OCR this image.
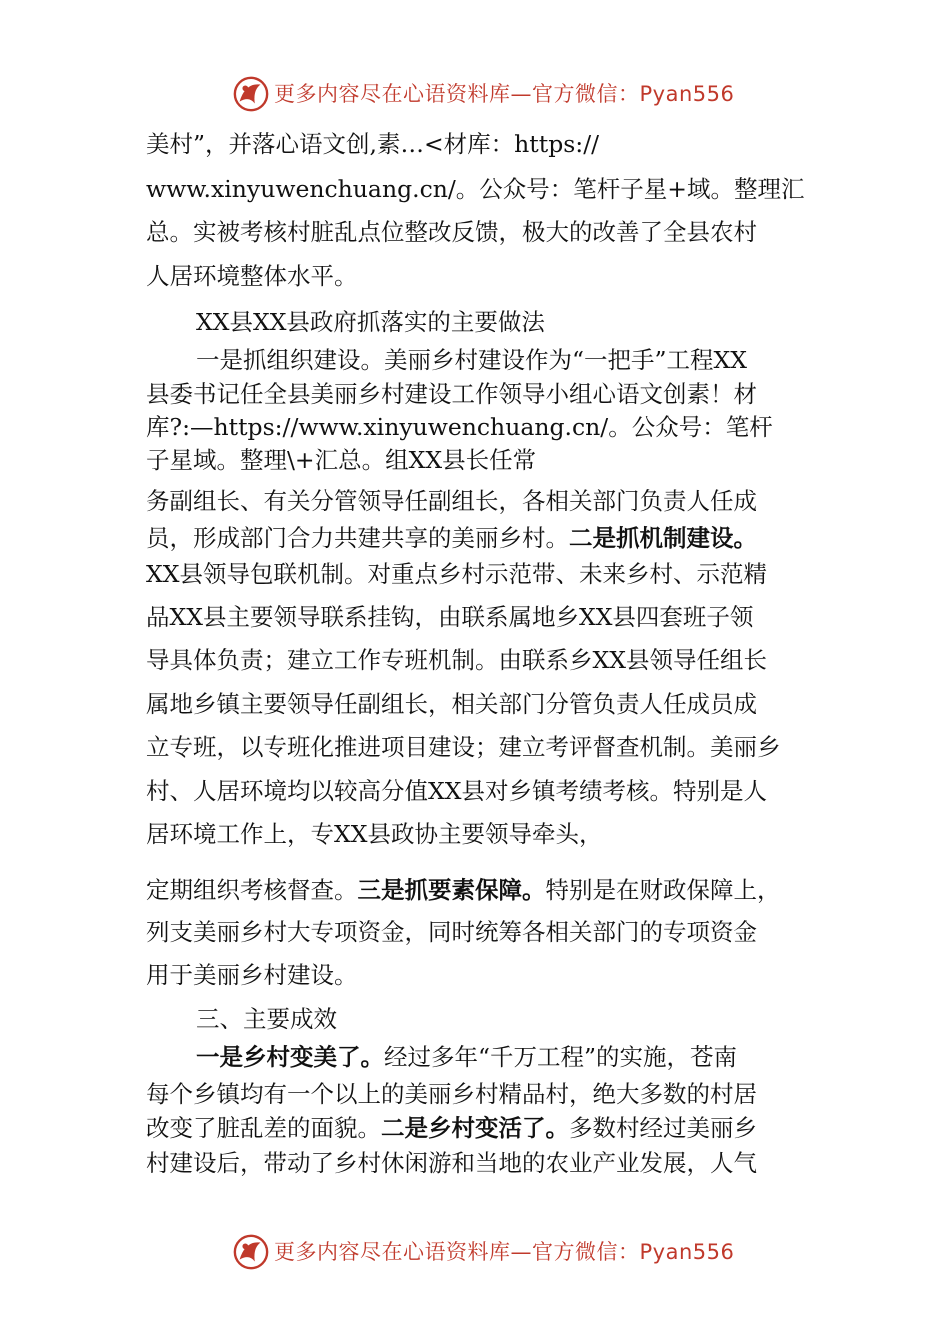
更多内容尽在心语资料库—官方微信：Pyan556
美村”，并落心语文创,素…<材库：https://
www.xinyuwenchuang.cn/。公众号：笔杆子星+域。整理汇
总。实被考核村脏乱点位整改反馈，极大的改善了全县农村
人居环境整体水平。
XX县XX县政府抓落实的主要做法
一是抓组织建设。美丽乡村建设作为“一把手”工程XX
县委书记任全县美丽乡村建设工作领导小组心语文创素！材
库?:—https://www.xinyuwenchuang.cn/。公众号：笔杆
子星域。整理\+汇总。组XX县长任常
务副组长、有关分管领导任副组长，各相关部门负责人任成
员，形成部门合力共建共享的美丽乡村。二是抓机制建设。
XX县领导包联机制。对重点乡村示范带、未来乡村、示范精
品XX县主要领导联系挂钩，由联系属地乡XX县四套班子领
导具体负责；建立工作专班机制。由联系乡XX县领导任组长
属地乡镇主要领导任副组长，相关部门分管负责人任成员成
立专班，以专班化推进项目建设；建立考评督查机制。美丽乡
村、人居环境均以较高分值XX县对乡镇考绩考核。特别是人
居环境工作上，专XX县政协主要领导牵头，
定期组织考核督查。三是抓要素保障。特别是在财政保障上，
列支美丽乡村大专项资金，同时统筹各相关部门的专项资金
用于美丽乡村建设。
三、主要成效
一是乡村变美了。经过多年“千万工程”的实施，苍南
每个乡镇均有一个以上的美丽乡村精品村，绝大多数的村居
改变了脏乱差的面貌。二是乡村变活了。多数村经过美丽乡
村建设后，带动了乡村休闲游和当地的农业产业发展，人气
更多内容尽在心语资料库—官方微信：Pyan556
